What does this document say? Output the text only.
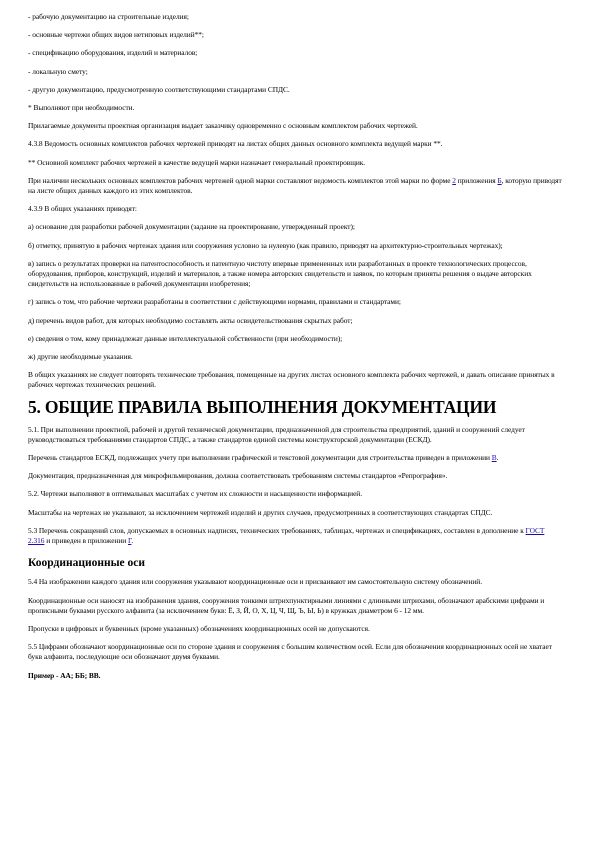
- рабочую документацию на строительные изделия;

- основные чертежи общих видов нетиповых изделий**;

- спецификацию оборудования, изделий и материалов;

- локальную смету;

- другую документацию, предусмотренную соответствующими стандартами СПДС.

* Выполняют при необходимости.

Прилагаемые документы проектная организация выдает заказчику одновременно с основным комплектом рабочих чертежей.

4.3.8 Ведомость основных комплектов рабочих чертежей приводят на листах общих данных основного комплекта ведущей марки **.

** Основной комплект рабочих чертежей в качестве ведущей марки назначает генеральный проектировщик.

При наличии нескольких основных комплектов рабочих чертежей одной марки составляют ведомость комплектов этой марки по форме 2 приложения Б, которую приводят на листе общих данных каждого из этих комплектов.

4.3.9 В общих указаниях приводят:

а) основание для разработки рабочей документации (задание на проектирование, утвержденный проект);

б) отметку, принятую в рабочих чертежах здания или сооружения условно за нулевую (как правило, приводят на архитектурно-строительных чертежах);

в) запись о результатах проверки на патентоспособность и патентную чистоту впервые примененных или разработанных в проекте технологических процессов, оборудования, приборов, конструкций, изделий и материалов, а также номера авторских свидетельств и заявок, по которым приняты решения о выдаче авторских свидетельств на использованные в рабочей документации изобретения;

г) запись о том, что рабочие чертежи разработаны в соответствии с действующими нормами, правилами и стандартами;

д) перечень видов работ, для которых необходимо составлять акты освидетельствования скрытых работ;

е) сведения о том, кому принадлежат данные интеллектуальной собственности (при необходимости);

ж) другие необходимые указания.

В общих указаниях не следует повторять технические требования, помещенные на других листах основного комплекта рабочих чертежей, и давать описание принятых в рабочих чертежах технических решений.

5. ОБЩИЕ ПРАВИЛА ВЫПОЛНЕНИЯ ДОКУМЕНТАЦИИ

5.1. При выполнении проектной, рабочей и другой технической документации, предназначенной для строительства предприятий, зданий и сооружений следует руководствоваться требованиями стандартов СПДС, а также стандартов единой системы конструкторской документации (ЕСКД).

Перечень стандартов ЕСКД, подлежащих учету при выполнении графической и текстовой документации для строительства приведен в приложении В.

Документация, предназначенная для микрофильмирования, должна соответствовать требованиям системы стандартов «Репрография».

5.2. Чертежи выполняют в оптимальных масштабах с учетом их сложности и насыщенности информацией.

Масштабы на чертежах не указывают, за исключением чертежей изделий и других случаев, предусмотренных в соответствующих стандартах СПДС.

5.3 Перечень сокращений слов, допускаемых в основных надписях, технических требованиях, таблицах, чертежах и спецификациях, составлен в дополнение к ГОСТ 2.316 и приведен в приложении Г.

Координационные оси

5.4 На изображении каждого здания или сооружения указывают координационные оси и присваивают им самостоятельную систему обозначений.

Координационные оси наносят на изображения здания, сооружения тонкими штрихпунктирными линиями с длинными штрихами, обозначают арабскими цифрами и прописными буквами русского алфавита (за исключением букв: Ё, З, Й, О, Х, Ц, Ч, Щ, Ъ, Ы, Ь) в кружках диаметром 6 - 12 мм.

Пропуски в цифровых и буквенных (кроме указанных) обозначениях координационных осей не допускаются.

5.5 Цифрами обозначают координационные оси по стороне здания и сооружения с большим количеством осей. Если для обозначения координационных осей не хватает букв алфавита, последующие оси обозначают двумя буквами.

Пример - АА; ББ; ВВ.
